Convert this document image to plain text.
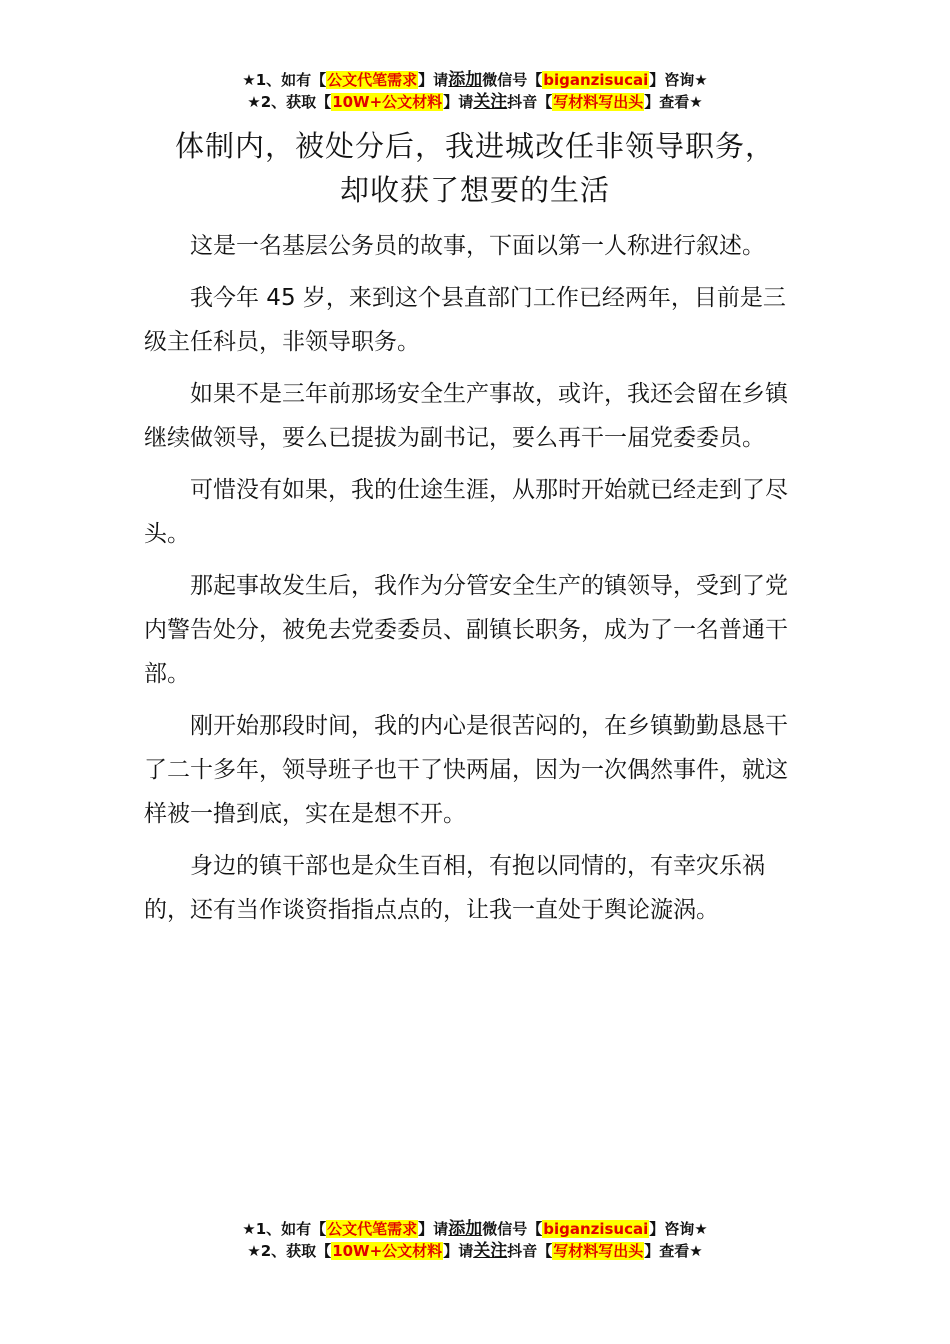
★1、如有【公文代笔需求】请添加微信号【biganzisucai】咨询★
★2、获取【10W+公文材料】请关注抖音【写材料写出头】查看★
体制内，被处分后，我进城改任非领导职务，
却收获了想要的生活

这是一名基层公务员的故事，下面以第一人称进行叙述。

我今年 45 岁，来到这个县直部门工作已经两年，目前是三级主任科员，非领导职务。

如果不是三年前那场安全生产事故，或许，我还会留在乡镇继续做领导，要么已提拔为副书记，要么再干一届党委委员。

可惜没有如果，我的仕途生涯，从那时开始就已经走到了尽头。

那起事故发生后，我作为分管安全生产的镇领导，受到了党内警告处分，被免去党委委员、副镇长职务，成为了一名普通干部。

刚开始那段时间，我的内心是很苦闷的，在乡镇勤勤恳恳干了二十多年，领导班子也干了快两届，因为一次偶然事件，就这样被一撸到底，实在是想不开。

身边的镇干部也是众生百相，有抱以同情的，有幸灾乐祸的，还有当作谈资指指点点的，让我一直处于舆论漩涡。

★1、如有【公文代笔需求】请添加微信号【biganzisucai】咨询★
★2、获取【10W+公文材料】请关注抖音【写材料写出头】查看★
